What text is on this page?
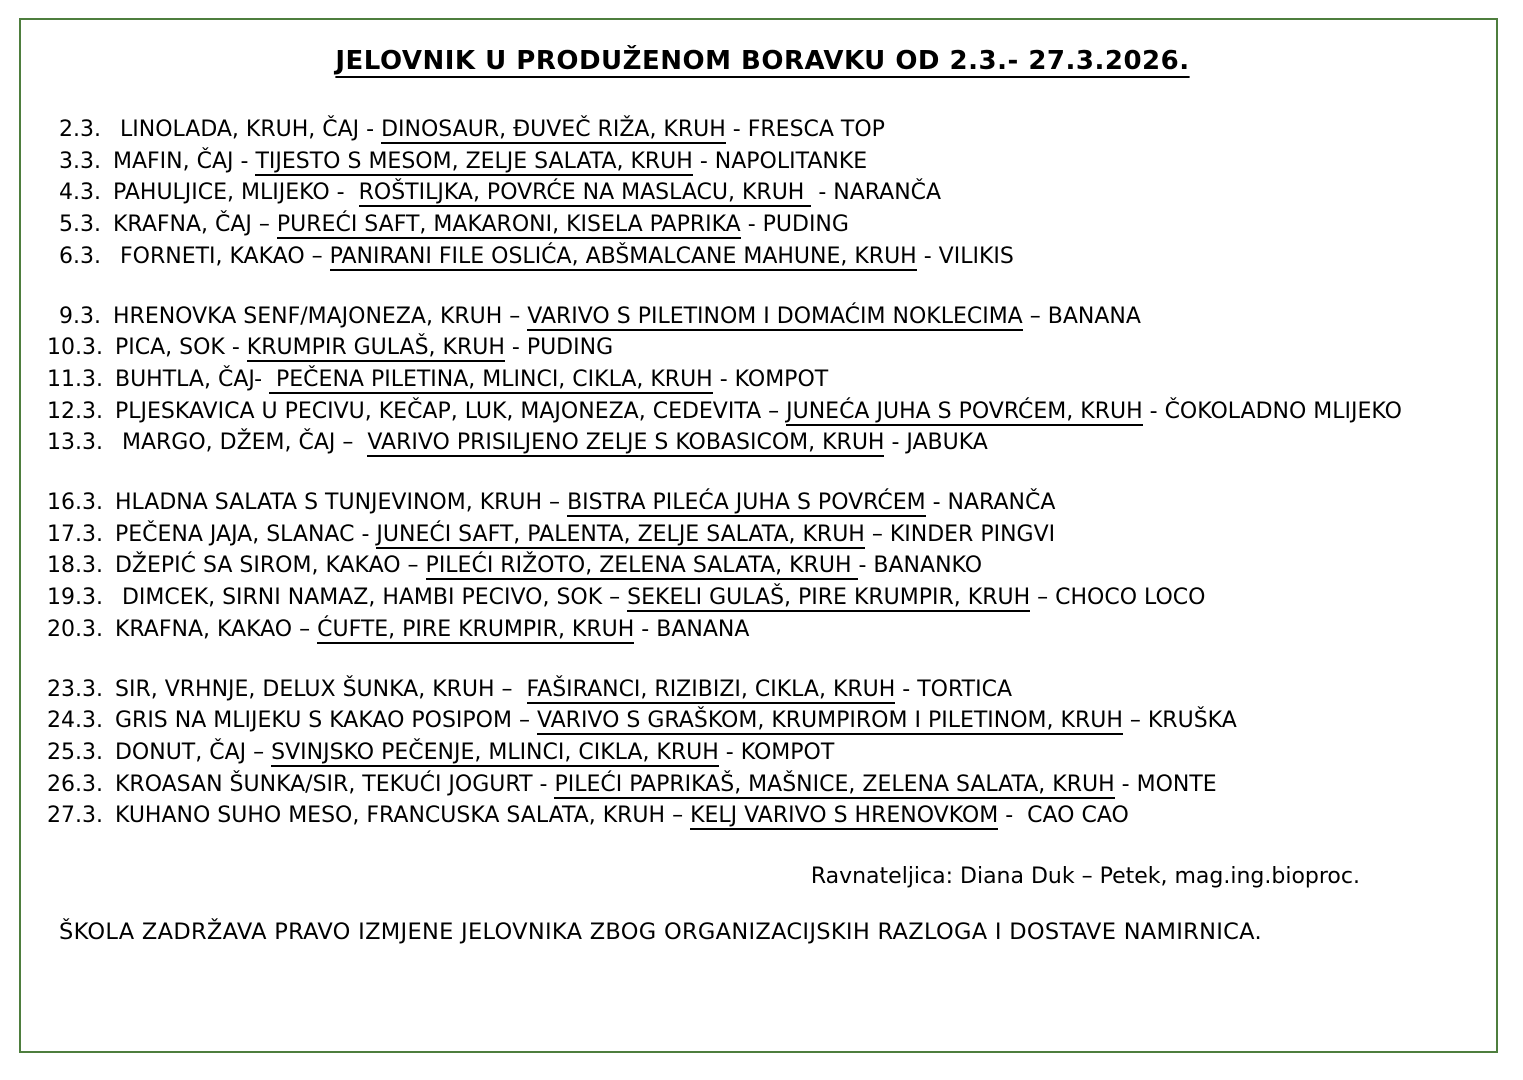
JELOVNIK U PRODUŽENOM BORAVKU OD 2.3.- 27.3.2026.
2.3. LINOLADA, KRUH, ČAJ - DINOSAUR, ĐUVEČ RIŽA, KRUH - FRESCA TOP
3.3. MAFIN, ČAJ - TIJESTO S MESOM, ZELJE SALATA, KRUH - NAPOLITANKE
4.3. PAHULJICE, MLIJEKO -  ROŠTILJKA, POVRĆE NA MASLACU, KRUH  - NARANČA
5.3. KRAFNA, ČAJ – PUREĆI SAFT, MAKARONI, KISELA PAPRIKA - PUDING
6.3. FORNETI, KAKAO – PANIRANI FILE OSLIĆA, ABŠMALCANE MAHUNE, KRUH - VILIKIS
9.3. HRENOVKA SENF/MAJONEZA, KRUH – VARIVO S PILETINOM I DOMAĆIM NOKLECIMA – BANANA
10.3. PICA, SOK - KRUMPIR GULAŠ, KRUH - PUDING
11.3. BUHTLA, ČAJ-  PEČENA PILETINA, MLINCI, CIKLA, KRUH - KOMPOT
12.3. PLJESKAVICA U PECIVU, KEČAP, LUK, MAJONEZA, CEDEVITA – JUNEĆA JUHA S POVRĆEM, KRUH - ČOKOLADNO MLIJEKO
13.3. MARGO, DŽEM, ČAJ –  VARIVO PRISILJENO ZELJE S KOBASICOM, KRUH - JABUKA
16.3. HLADNA SALATA S TUNJEVINOM, KRUH – BISTRA PILEĆA JUHA S POVRĆEM - NARANČA
17.3. PEČENA JAJA, SLANAC - JUNEĆI SAFT, PALENTA, ZELJE SALATA, KRUH – KINDER PINGVI
18.3. DŽEPIĆ SA SIROM, KAKAO – PILEĆI RIŽOTO, ZELENA SALATA, KRUH - BANANKO
19.3. DIMCEK, SIRNI NAMAZ, HAMBI PECIVO, SOK – SEKELI GULAŠ, PIRE KRUMPIR, KRUH – CHOCO LOCO
20.3. KRAFNA, KAKAO – ĆUFTE, PIRE KRUMPIR, KRUH - BANANA
23.3. SIR, VRHNJE, DELUX ŠUNKA, KRUH –  FAŠIRANCI, RIZIBIZI, CIKLA, KRUH - TORTICA
24.3. GRIS NA MLIJEKU S KAKAO POSIPOM – VARIVO S GRAŠKOM, KRUMPIROM I PILETINOM, KRUH – KRUŠKA
25.3. DONUT, ČAJ – SVINJSKO PEČENJE, MLINCI, CIKLA, KRUH - KOMPOT
26.3. KROASAN ŠUNKA/SIR, TEKUĆI JOGURT - PILEĆI PAPRIKAŠ, MAŠNICE, ZELENA SALATA, KRUH - MONTE
27.3. KUHANO SUHO MESO, FRANCUSKA SALATA, KRUH – KELJ VARIVO S HRENOVKOM -  CAO CAO
Ravnateljica: Diana Duk – Petek, mag.ing.bioproc.
ŠKOLA ZADRŽAVA PRAVO IZMJENE JELOVNIKA ZBOG ORGANIZACIJSKIH RAZLOGA I DOSTAVE NAMIRNICA.
